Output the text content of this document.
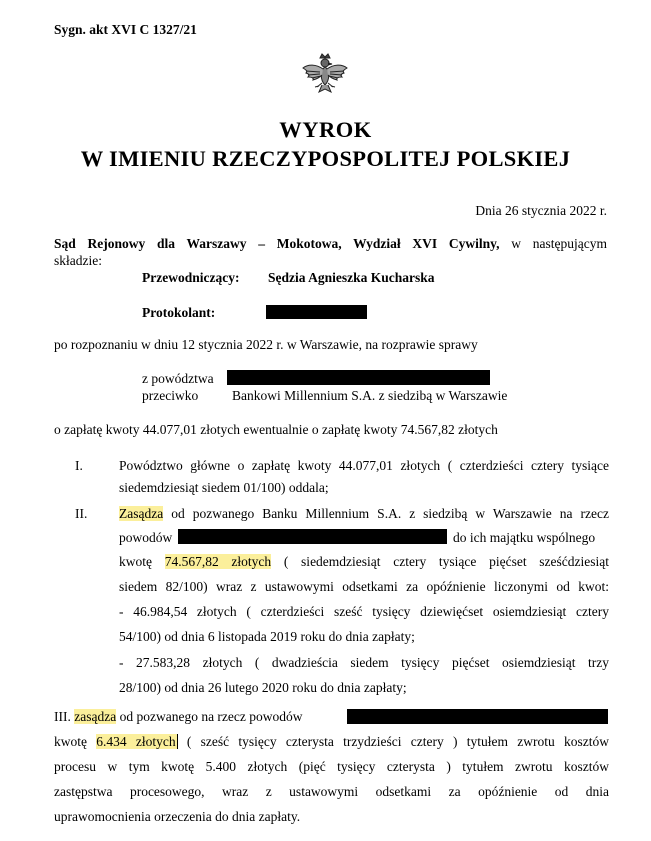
Sygn. akt XVI C 1327/21
WYROK
W IMIENIU RZECZYPOSPOLITEJ POLSKIEJ
Dnia 26 stycznia 2022 r.
Sąd Rejonowy dla Warszawy – Mokotowa, Wydział XVI Cywilny, w następującym
składzie:
Przewodniczący: Sędzia Agnieszka Kucharska
Protokolant:
po rozpoznaniu w dniu 12 stycznia 2022 r. w Warszawie, na rozprawie sprawy
z powództwa
przeciwko	Bankowi Millennium S.A. z siedzibą w Warszawie
o zapłatę kwoty 44.077,01 złotych ewentualnie o zapłatę kwoty 74.567,82 złotych
I.	Powództwo główne o zapłatę kwoty 44.077,01 złotych ( czterdzieści cztery tysiące
siedemdziesiąt siedem 01/100) oddala;
II. Zasądza od pozwanego Banku Millennium S.A. z siedzibą w Warszawie na rzecz
powodów	do ich majątku wspólnego
kwotę 74.567,82 złotych ( siedemdziesiąt cztery tysiące pięćset sześćdziesiąt
siedem 82/100) wraz z ustawowymi odsetkami za opóźnienie liczonymi od kwot:
- 46.984,54 złotych ( czterdzieści sześć tysięcy dziewięćset osiemdziesiąt cztery
54/100) od dnia 6 listopada 2019 roku do dnia zapłaty;
- 27.583,28 złotych ( dwadzieścia siedem tysięcy pięćset osiemdziesiąt trzy
28/100) od dnia 26 lutego 2020 roku do dnia zapłaty;
III. zasądza od pozwanego na rzecz powodów
kwotę 6.434 złotych ( sześć tysięcy czterysta trzydzieści cztery ) tytułem zwrotu kosztów
procesu w tym kwotę 5.400 złotych (pięć tysięcy czterysta ) tytułem zwrotu kosztów
zastępstwa procesowego, wraz z ustawowymi odsetkami za opóźnienie od dnia
uprawomocnienia orzeczenia do dnia zapłaty.
